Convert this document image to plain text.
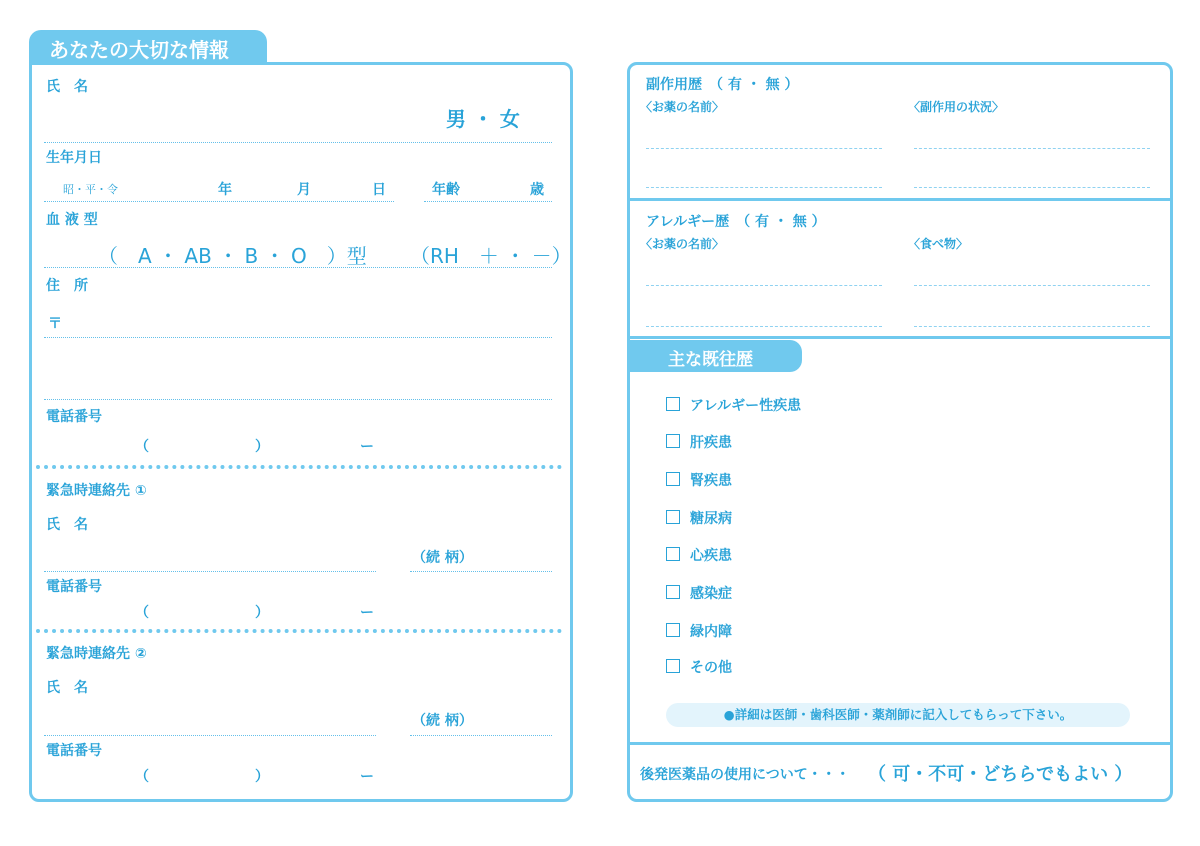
あなたの大切な情報
氏　名
男 ・ 女
生年月日
昭・平・令	年	月	日	年齢	歳
血 液 型
（　A ・ AB ・ B ・ O　）型 （RH　＋ ・ －）
住　所
〒
電話番号
（	）	ー
緊急時連絡先 ①
氏　名
（続 柄）
電話番号
（	）	ー
緊急時連絡先 ②
氏　名
（続 柄）
電話番号
（	）	ー
副作用歴　（ 有 ・ 無 ）
〈お薬の名前〉	〈副作用の状況〉
アレルギー歴　（ 有 ・ 無 ）
〈お薬の名前〉	〈食べ物〉
主な既往歴
アレルギー性疾患
肝疾患
腎疾患
糖尿病
心疾患
感染症
緑内障
その他
●詳細は医師・歯科医師・薬剤師に記入してもらって下さい。
後発医薬品の使用について・・・ （ 可・不可・どちらでもよい ）
